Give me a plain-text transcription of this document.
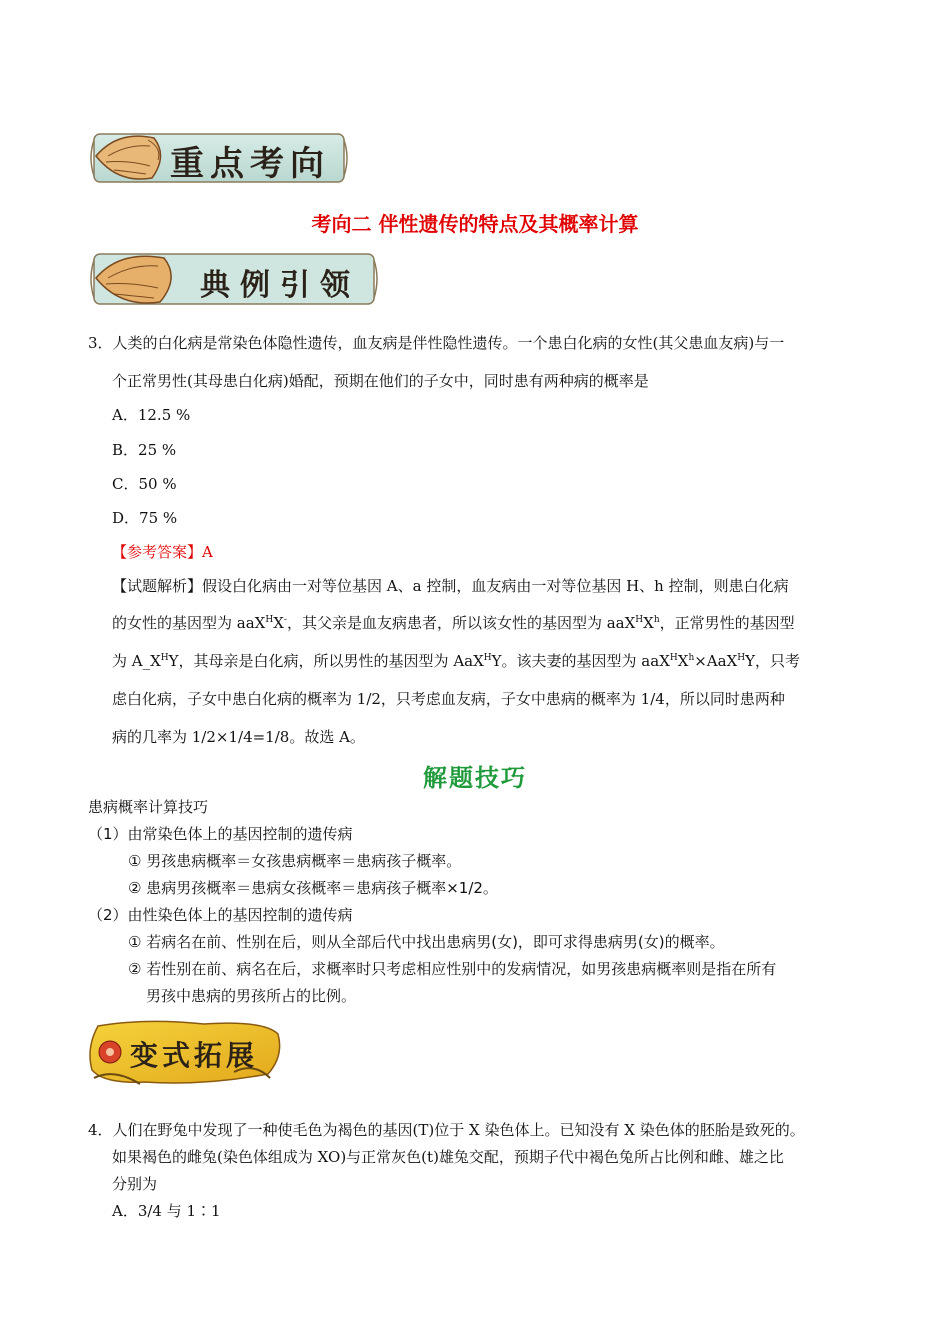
重点考向
考向二 伴性遗传的特点及其概率计算
典例引领
3．人类的白化病是常染色体隐性遗传，血友病是伴性隐性遗传。一个患白化病的女性(其父患血友病)与一
个正常男性(其母患白化病)婚配，预期在他们的子女中，同时患有两种病的概率是
A．12.5 %
B．25 %
C．50 %
D．75 %
【参考答案】A
【试题解析】假设白化病由一对等位基因 A、a 控制，血友病由一对等位基因 H、h 控制，则患白化病
的女性的基因型为 aaX$^H$X-，其父亲是血友病患者，所以该女性的基因型为 $aaX^HX^h$，正常男性的基因型
为 $A\_X^HY$，其母亲是白化病，所以男性的基因型为 AaX$^H$Y。该夫妻的基因型为 $aaX^HX^h\times AaX^HY$，只考
虑白化病，子女中患白化病的概率为 1/2，只考虑血友病，子女中患病的概率为 1/4，所以同时患两种
病的几率为 1/2×1/4=1/8。故选 A。
解题技巧
患病概率计算技巧
（1）由常染色体上的基因控制的遗传病
① 男孩患病概率＝女孩患病概率＝患病孩子概率。
② 患病男孩概率＝患病女孩概率＝患病孩子概率×1/2。
（2）由性染色体上的基因控制的遗传病
① 若病名在前、性别在后，则从全部后代中找出患病男(女)，即可求得患病男(女)的概率。
② 若性别在前、病名在后，求概率时只考虑相应性别中的发病情况，如男孩患病概率则是指在所有
男孩中患病的男孩所占的比例。
变式拓展
4．人们在野兔中发现了一种使毛色为褐色的基因(T)位于 X 染色体上。已知没有 X 染色体的胚胎是致死的。
如果褐色的雌兔(染色体组成为 XO)与正常灰色(t)雄兔交配，预期子代中褐色兔所占比例和雌、雄之比
分别为
A．3/4 与 1∶1
